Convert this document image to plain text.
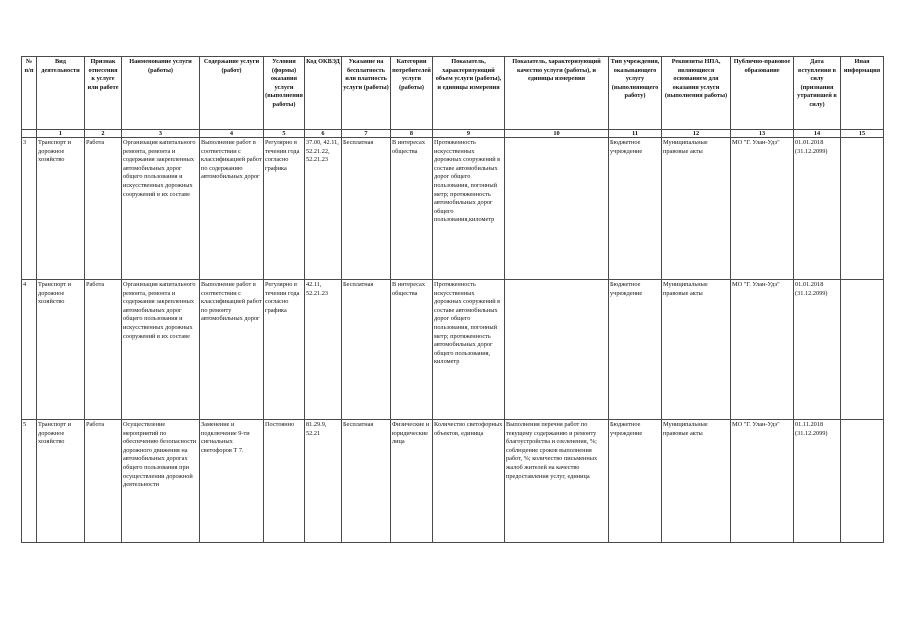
№ п/п	Вид деятельности	Признак отнесения к услуге или работе	Наименование услуги (работы)	Содержание услуги (работ)	Условия (формы) оказания услуги (выполнения работы)	Код ОКВЭД	Указание на бесплатность или платность услуги (работы)	Категории потребителей услуги (работы)	Показатель, характеризующий объем услуги (работы), и единицы измерения	Показатель, характеризующий качество услуги (работы), и единицы измерения	Тип учреждения, оказывающего услугу (выполняющего работу)	Реквизиты НПА, являющиеся основанием для оказания услуги (выполнения работы)	Публично-правовое образование	Дата вступления в силу (признания утратившей в силу)	Иная информация
	1	2	3	4	5	6	7	8	9	10	11	12	13	14	15
3	Транспорт и дорожное хозяйство	Работа	Организация капитального ремонта, ремонта и содержания закрепленных автомобильных дорог общего пользования и искусственных дорожных сооружений в их составе	Выполнение работ в соответствии с классификацией работ по содержанию автомобильных дорог	Регулярно в течении года согласно графика	37.00, 42.11, 52.21.22, 52.21.23	Бесплатная	В интересах общества	Протяженность искусственных дорожных сооружений в составе автомобильных дорог общего пользования, погонный метр; протяженность автомобильных дорог общего пользования,километр		Бюджетное учреждение	Муниципальные правовые акты	МО "Г. Улан-Удэ"	01.01.2018 (31.12.2099)	
4	Транспорт и дорожное хозяйство	Работа	Организация капитального ремонта, ремонта и содержания закрепленных автомобильных дорог общего пользования и искусственных дорожных сооружений в их составе	Выполнение работ в соответствии с классификацией работ по ремонту автомобильных дорог	Регулярно в течении года согласно графика	42.11, 52.21.23	Бесплатная	В интересах общества	Протяженность искусственных дорожных сооружений в составе автомобильных дорог общего пользования, погонный метр; протяженность автомобильных дорог общего пользования, километр		Бюджетное учреждение	Муниципальные правовые акты	МО "Г. Улан-Удэ"	01.01.2018 (31.12.2099)	
5	Транспорт и дорожное хозяйство	Работа	Осуществление мероприятий по обеспечению безопасности дорожного движения на автомобильных дорогах общего пользования при осуществлении дорожной деятельности	Заменение и подключение 9-ти сигнальных светофоров Т 7.	Постоянно	81.29.9, 52.21	Бесплатная	Физические и юридические лица	Количество светофорных объектов, единица	Выполнения перечня работ по текущему содержанию и ремонту благоустройства и озеленения, %; соблюдение сроков выполнения работ, %; количество письменных жалоб жителей на качество предоставления услуг, единица	Бюджетное учреждение	Муниципальные правовые акты	МО "Г. Улан-Удэ"	01.11.2018 (31.12.2099)	
